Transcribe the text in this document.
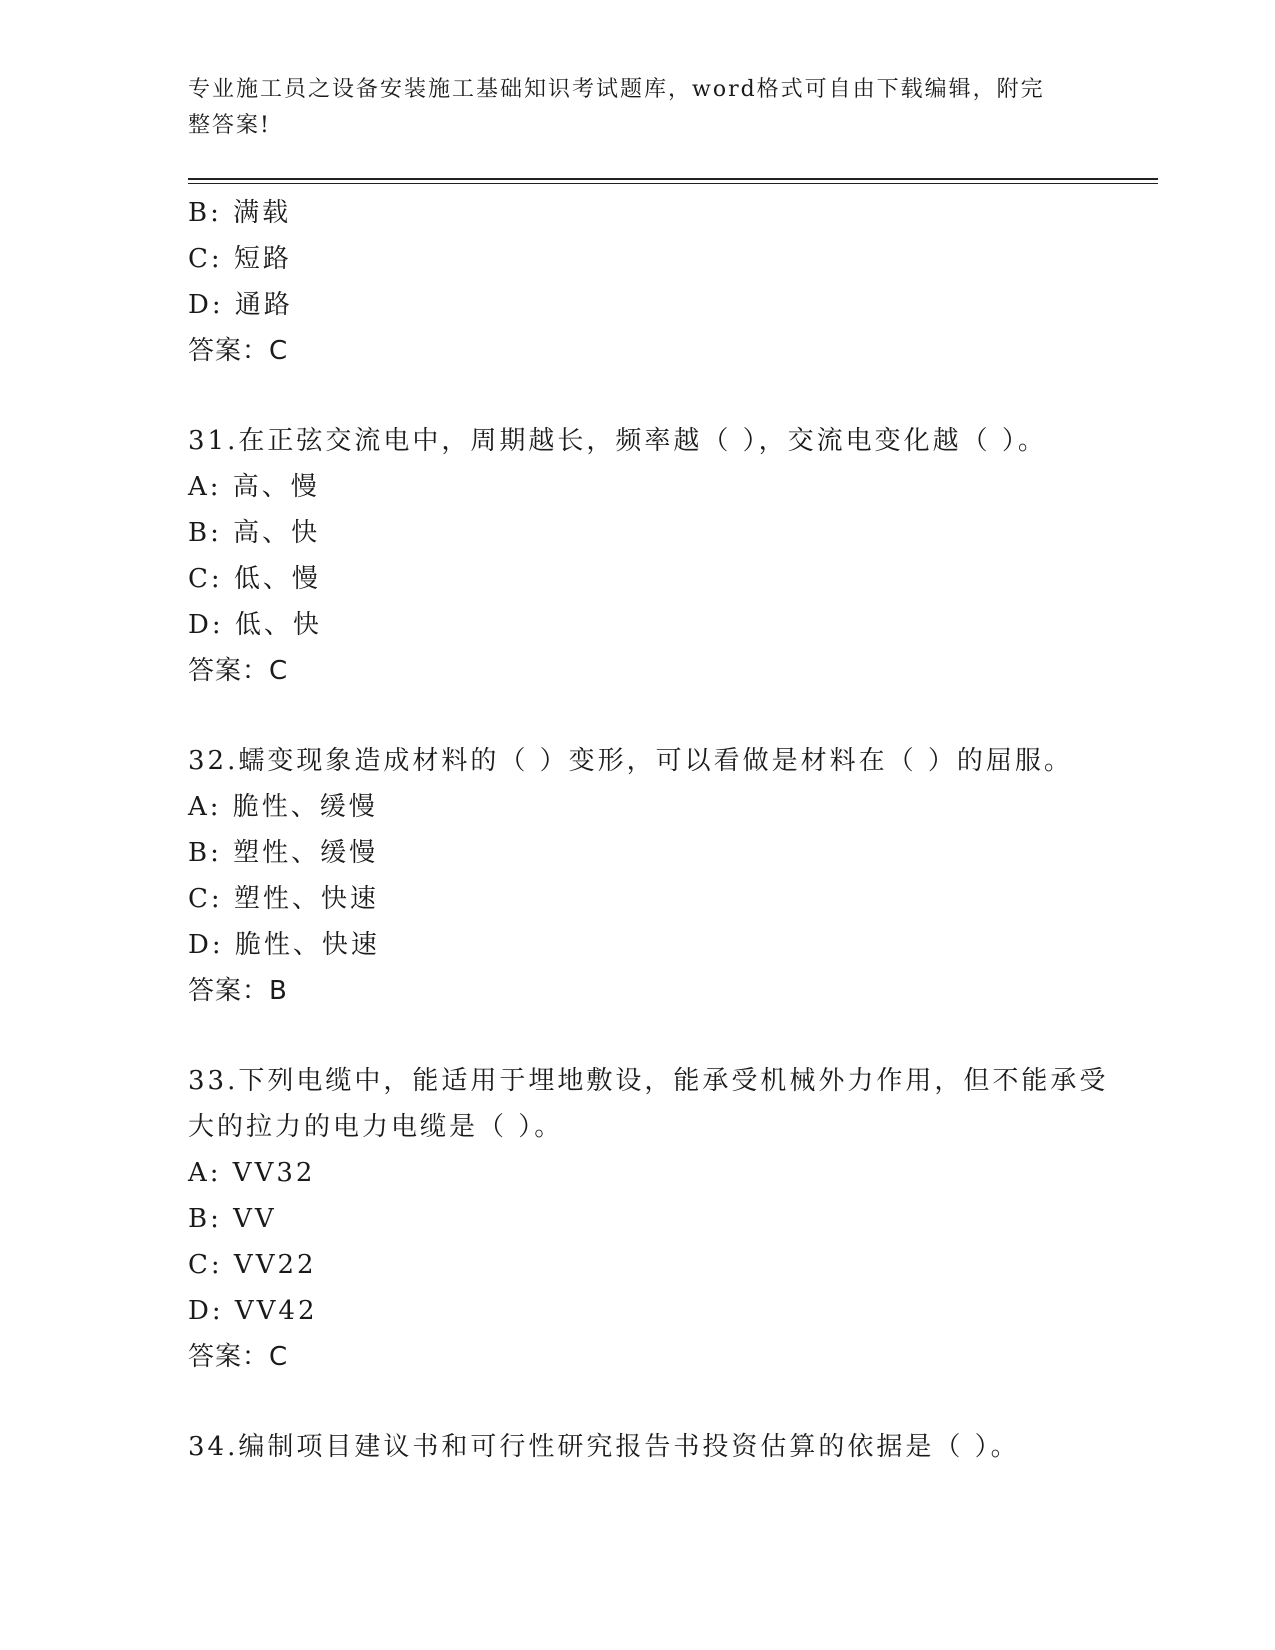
专业施工员之设备安装施工基础知识考试题库，word格式可自由下载编辑，附完整答案!
B: 满载
C: 短路
D: 通路
答案：C
31.在正弦交流电中，周期越长，频率越（ ），交流电变化越（ ）。
A: 高、慢
B: 高、快
C: 低、慢
D: 低、快
答案：C
32.蠕变现象造成材料的（ ）变形，可以看做是材料在（ ）的屈服。
A: 脆性、缓慢
B: 塑性、缓慢
C: 塑性、快速
D: 脆性、快速
答案：B
33.下列电缆中，能适用于埋地敷设，能承受机械外力作用，但不能承受大的拉力的电力电缆是（ ）。
A: VV32
B: VV
C: VV22
D: VV42
答案：C
34.编制项目建议书和可行性研究报告书投资估算的依据是（ ）。
